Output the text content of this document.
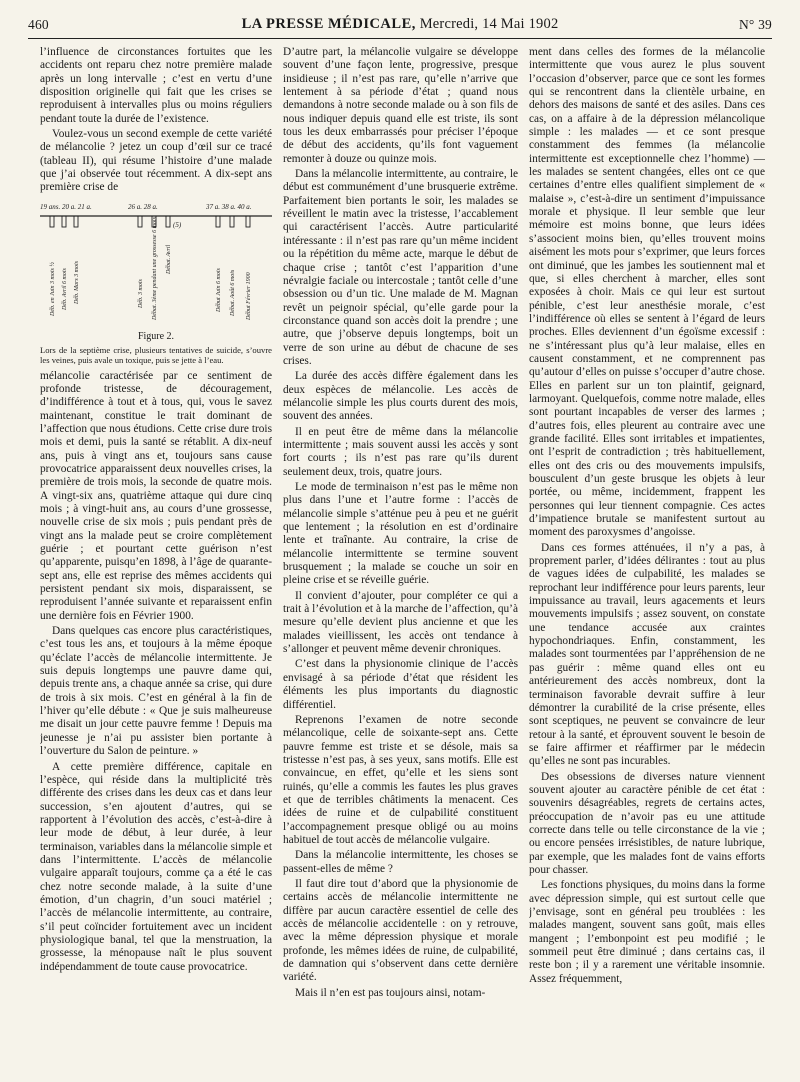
460	LA PRESSE MÉDICALE, Mercredi, 14 Mai 1902	N° 39

l’influence de circonstances fortuites que les accidents ont reparu chez notre première malade après un long intervalle ; c’est en vertu d’une disposition originelle qui fait que les crises se reproduisent à intervalles plus ou moins réguliers pendant toute la durée de l’existence.

Voulez-vous un second exemple de cette variété de mélancolie ? jetez un coup d’œil sur ce tracé (tableau II), qui résume l’histoire d’une malade que j’ai observée tout récemment. A dix-sept ans première crise de

19 ans. 20 a. 21 a.	26 a. 28 a.	37 a. 38 a. 40 a.
(5)
Déb. en Juin 3 mois ½ Déb. Avril 6 mois Déb. Mars 3 mois	Déb. 3 mois Débat. 3ème pendant une grossesse 6 mois Débat. Avril
Début Juin 6 mois Débat. Août 6 mois Début Février 1900
Figure 2.
Lors de la septième crise, plusieurs tentatives de suicide, s’ouvre les veines, puis avale un toxique, puis se jette à l’eau.

mélancolie caractérisée par ce sentiment de profonde tristesse, de découragement, d’indifférence à tout et à tous, qui, vous le savez maintenant, constitue le trait dominant de l’affection que nous étudions. Cette crise dure trois mois et demi, puis la santé se rétablit. A dix-neuf ans, puis à vingt ans et, toujours sans cause provocatrice apparaissent deux nouvelles crises, la première de trois mois, la seconde de quatre mois. A vingt-six ans, quatrième attaque qui dure cinq mois ; à vingt-huit ans, au cours d’une grossesse, nouvelle crise de six mois ; puis pendant près de vingt ans la malade peut se croire complètement guérie ; et pourtant cette guérison n’est qu’apparente, puisqu’en 1898, à l’âge de quarante-sept ans, elle est reprise des mêmes accidents qui persistent pendant six mois, disparaissent, se reproduisent l’année suivante et reparaissent enfin une dernière fois en Février 1900.

Dans quelques cas encore plus caractéristiques, c’est tous les ans, et toujours à la même époque qu’éclate l’accès de mélancolie intermittente. Je suis depuis longtemps une pauvre dame qui, depuis trente ans, a chaque année sa crise, qui dure de trois à six mois. C’est en général à la fin de l’hiver qu’elle débute : « Que je suis malheureuse me disait un jour cette pauvre femme ! Depuis ma jeunesse je n’ai pu assister bien portante à l’ouverture du Salon de peinture. »

A cette première différence, capitale en l’espèce, qui réside dans la multiplicité très différente des crises dans les deux cas et dans leur succession, s’en ajoutent d’autres, qui se rapportent à l’évolution des accès, c’est-à-dire à leur mode de début, à leur durée, à leur terminaison, variables dans la mélancolie simple et dans l’intermittente. L’accès de mélancolie vulgaire apparaît toujours, comme ça a été le cas chez notre seconde malade, à la suite d’une émotion, d’un chagrin, d’un souci matériel ; l’accès de mélancolie intermittente, au contraire, s’il peut coïncider fortuitement avec un incident physiologique banal, tel que la menstruation, la grossesse, la ménopause naît le plus souvent indépendamment de toute cause provocatrice.

D’autre part, la mélancolie vulgaire se développe souvent d’une façon lente, progressive, presque insidieuse ; il n’est pas rare, qu’elle n’arrive que lentement à sa période d’état ; quand nous demandons à notre seconde malade ou à son fils de nous indiquer depuis quand elle est triste, ils sont tous les deux embarrassés pour préciser l’époque de début des accidents, qu’ils font vaguement remonter à douze ou quinze mois.

Dans la mélancolie intermittente, au contraire, le début est communément d’une brusquerie extrême. Parfaitement bien portants le soir, les malades se réveillent le matin avec la tristesse, l’accablement qui caractérisent l’accès. Autre particularité intéressante : il n’est pas rare qu’un même incident ou la répétition du même acte, marque le début de chaque crise ; tantôt c’est l’apparition d’une névralgie faciale ou intercostale ; tantôt celle d’une obsession ou d’un tic. Une malade de M. Magnan revêt un peignoir spécial, qu’elle garde pour la circonstance quand son accès doit la prendre ; une autre, que j’observe depuis longtemps, boit un verre de son urine au début de chacune de ses crises.

La durée des accès diffère également dans les deux espèces de mélancolie. Les accès de mélancolie simple les plus courts durent des mois, souvent des années.

Il en peut être de même dans la mélancolie intermittente ; mais souvent aussi les accès y sont fort courts ; ils n’est pas rare qu’ils durent seulement deux, trois, quatre jours.

Le mode de terminaison n’est pas le même non plus dans l’une et l’autre forme : l’accès de mélancolie simple s’atténue peu à peu et ne guérit que lentement ; la résolution en est d’ordinaire lente et traînante. Au contraire, la crise de mélancolie intermittente se termine souvent brusquement ; la malade se couche un soir en pleine crise et se réveille guérie.

Il convient d’ajouter, pour compléter ce qui a trait à l’évolution et à la marche de l’affection, qu’à mesure qu’elle devient plus ancienne et que les malades vieillissent, les accès ont tendance à s’allonger et peuvent même devenir chroniques.

C’est dans la physionomie clinique de l’accès envisagé à sa période d’état que résident les éléments les plus importants du diagnostic différentiel.

Reprenons l’examen de notre seconde mélancolique, celle de soixante-sept ans. Cette pauvre femme est triste et se désole, mais sa tristesse n’est pas, à ses yeux, sans motifs. Elle est convaincue, en effet, qu’elle et les siens sont ruinés, qu’elle a commis les fautes les plus graves et que de terribles châtiments la menacent. Ces idées de ruine et de culpabilité constituent l’accompagnement presque obligé ou au moins habituel de tout accès de mélancolie vulgaire.

Dans la mélancolie intermittente, les choses se passent-elles de même ?

Il faut dire tout d’abord que la physionomie de certains accès de mélancolie intermittente ne diffère par aucun caractère essentiel de celle des accès de mélancolie accidentelle : on y retrouve, avec la même dépression physique et morale profonde, les mêmes idées de ruine, de culpabilité, de damnation qui s’observent dans cette dernière variété.

Mais il n’en est pas toujours ainsi, notam-

ment dans celles des formes de la mélancolie intermittente que vous aurez le plus souvent l’occasion d’observer, parce que ce sont les formes qui se rencontrent dans la clientèle urbaine, en dehors des maisons de santé et des asiles. Dans ces cas, on a affaire à de la dépression mélancolique simple : les malades — et ce sont presque constamment des femmes (la mélancolie intermittente est exceptionnelle chez l’homme) — les malades se sentent changées, elles ont ce que certaines d’entre elles qualifient simplement de « malaise », c’est-à-dire un sentiment d’impuissance morale et physique. Il leur semble que leur mémoire est moins bonne, que leurs idées s’associent moins bien, qu’elles trouvent moins aisément les mots pour s’exprimer, que leurs forces ont diminué, que les jambes les soutiennent mal et que, si elles cherchent à marcher, elles sont exposées à choir. Mais ce qui leur est surtout pénible, c’est leur anesthésie morale, c’est l’indifférence où elles se sentent à l’égard de leurs proches. Elles deviennent d’un égoïsme excessif : ne s’intéressant plus qu’à leur malaise, elles en causent constamment, et ne comprennent pas qu’autour d’elles on puisse s’occuper d’autre chose. Elles en parlent sur un ton plaintif, geignard, larmoyant. Quelquefois, comme notre malade, elles sont pourtant incapables de verser des larmes ; d’autres fois, elles pleurent au contraire avec une grande facilité. Elles sont irritables et impatientes, ont l’esprit de contradiction ; très habituellement, elles ont des cris ou des mouvements impulsifs, bousculent d’un geste brusque les objets à leur portée, ou même, incidemment, frappent les personnes qui leur tiennent compagnie. Ces actes d’impatience brutale se manifestent surtout au moment des paroxysmes d’angoisse.

Dans ces formes atténuées, il n’y a pas, à proprement parler, d’idées délirantes : tout au plus de vagues idées de culpabilité, les malades se reprochant leur indifférence pour leurs parents, leur impuissance au travail, leurs agacements et leurs mouvements impulsifs ; assez souvent, on constate une tendance accusée aux craintes hypochondriaques. Enfin, constamment, les malades sont tourmentées par l’appréhension de ne pas guérir : même quand elles ont eu antérieurement des accès nombreux, dont la terminaison favorable devrait suffire à leur démontrer la curabilité de la crise présente, elles sont sceptiques, ne peuvent se convaincre de leur retour à la santé, et éprouvent souvent le besoin de se faire affirmer et réaffirmer par le médecin qu’elles ne sont pas incurables.

Des obsessions de diverses nature viennent souvent ajouter au caractère pénible de cet état : souvenirs désagréables, regrets de certains actes, préoccupation de n’avoir pas eu une attitude correcte dans telle ou telle circonstance de la vie ; ou encore pensées irrésistibles, de nature lubrique, par exemple, que les malades font de vains efforts pour chasser.

Les fonctions physiques, du moins dans la forme avec dépression simple, qui est surtout celle que j’envisage, sont en général peu troublées : les malades mangent, souvent sans goût, mais elles mangent ; l’embonpoint est peu modifié ; le sommeil peut être diminué ; dans certains cas, il reste bon ; il y a rarement une véritable insomnie. Assez fréquemment,
